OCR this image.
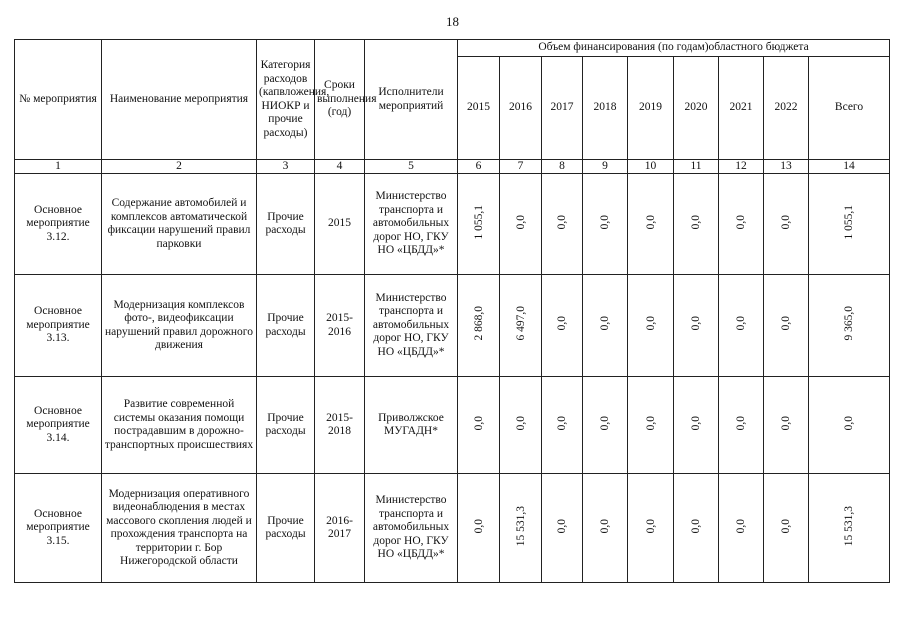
18
№ мероприятия	Наименование мероприятия	Категория расходов (капвложения, НИОКР и прочие расходы)	Сроки выполнения (год)	Исполнители мероприятий	Объем финансирования (по годам)областного бюджета								
					2015	2016	2017	2018	2019	2020	2021	2022	Всего
1	2	3	4	5	6	7	8	9	10	11	12	13	14
Основное мероприятие 3.12.	Содержание автомобилей и комплексов автоматической фиксации нарушений правил парковки	Прочие расходы	2015	Министерство транспорта и автомобильных дорог НО, ГКУ НО «ЦБДД»*	1 055,1	0,0	0,0	0,0	0,0	0,0	0,0	0,0	1 055,1
Основное мероприятие 3.13.	Модернизация комплексов фото-, видеофиксации нарушений правил дорожного движения	Прочие расходы	2015-2016	Министерство транспорта и автомобильных дорог НО, ГКУ НО «ЦБДД»*	2 868,0	6 497,0	0,0	0,0	0,0	0,0	0,0	0,0	9 365,0
Основное мероприятие 3.14.	Развитие современной системы оказания помощи пострадавшим в дорожно-транспортных происшествиях	Прочие расходы	2015-2018	Приволжское МУГАДН*	0,0	0,0	0,0	0,0	0,0	0,0	0,0	0,0	0,0
Основное мероприятие 3.15.	Модернизация оперативного видеонаблюдения в местах массового скопления людей и прохождения транспорта на территории г. Бор Нижегородской области	Прочие расходы	2016-2017	Министерство транспорта и автомобильных дорог НО, ГКУ НО «ЦБДД»*	0,0	15 531,3	0,0	0,0	0,0	0,0	0,0	0,0	15 531,3
